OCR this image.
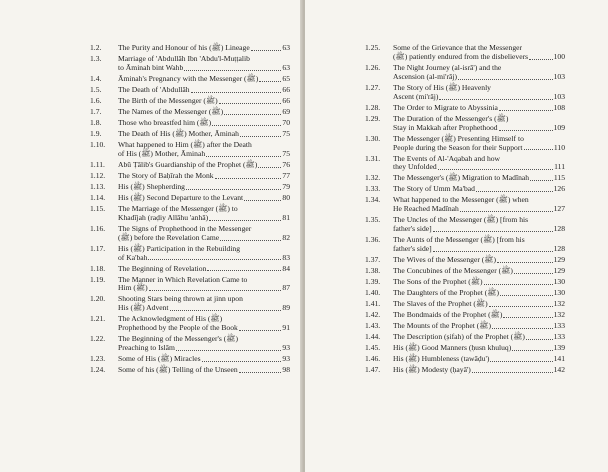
1.2.	The Purity and Honour of his (ﷺ) Lineage	63
1.3.	Marriage of 'Abdullāh Ibn 'Abdu'l-Muṭṭalib
to Āminah bint Wahb	63
1.4.	Āminah's Pregnancy with the Messenger (ﷺ)	65
1.5.	The Death of 'Abdullāh	66
1.6.	The Birth of the Messenger (ﷺ)	66
1.7.	The Names of the Messenger (ﷺ)	69
1.8.	Those who breastfed him (ﷺ)	70
1.9.	The Death of His (ﷺ) Mother, Āminah	75
1.10.	What happened to Him (ﷺ) after the Death
of His (ﷺ) Mother, Āminah	75
1.11.	Abū Ṭālib's Guardianship of the Prophet (ﷺ)	76
1.12.	The Story of Baḥīrah the Monk	77
1.13.	His (ﷺ) Shepherding	79
1.14.	His (ﷺ) Second Departure to the Levant	80
1.15.	The Marriage of the Messenger (ﷺ) to
Khadījah (raḍiy Allāhu 'anhā)	81
1.16.	The Signs of Prophethood in the Messenger
(ﷺ) before the Revelation Came	82
1.17.	His (ﷺ) Participation in the Rebuilding
of Ka'bah	83
1.18.	The Beginning of Revelation	84
1.19.	The Manner in Which Revelation Came to
Him (ﷺ)	87
1.20.	Shooting Stars being thrown at jinn upon
His (ﷺ) Advent	89
1.21.	The Acknowledgment of His (ﷺ)
Prophethood by the People of the Book	91
1.22.	The Beginning of the Messenger's (ﷺ)
Preaching to Islām	93
1.23.	Some of His (ﷺ) Miracles	93
1.24.	Some of his (ﷺ) Telling of the Unseen	98
1.25.	Some of the Grievance that the Messenger
(ﷺ) patiently endured from the disbelievers	100
1.26.	The Night Journey (al-isrā') and the
Ascension (al-mi'rāj)	103
1.27.	The Story of His (ﷺ) Heavenly
Ascent (mi'rāj)	103
1.28.	The Order to Migrate to Abyssinia	108
1.29.	The Duration of the Messenger's (ﷺ)
Stay in Makkah after Prophethood	109
1.30.	The Messenger (ﷺ) Presenting Himself to
People during the Season for their Support	110
1.31.	The Events of Al-'Aqabah and how
they Unfolded	111
1.32.	The Messenger's (ﷺ) Migration to Madīnah	115
1.33.	The Story of Umm Ma'bad	126
1.34.	What happened to the Messenger (ﷺ) when
He Reached Madīnah	127
1.35.	The Uncles of the Messenger (ﷺ) [from his
father's side]	128
1.36.	The Aunts of the Messenger (ﷺ) [from his
father's side]	128
1.37.	The Wives of the Messenger (ﷺ)	129
1.38.	The Concubines of the Messenger (ﷺ)	129
1.39.	The Sons of the Prophet (ﷺ)	130
1.40.	The Daughters of the Prophet (ﷺ)	130
1.41.	The Slaves of the Prophet (ﷺ)	132
1.42.	The Bondmaids of the Prophet (ﷺ)	132
1.43.	The Mounts of the Prophet (ﷺ)	133
1.44.	The Description (ṣifah) of the Prophet (ﷺ)	133
1.45.	His (ﷺ) Good Manners (ḥusn khuluq)	139
1.46.	His (ﷺ) Humbleness (tawāḍu')	141
1.47.	His (ﷺ) Modesty (ḥayā')	142
